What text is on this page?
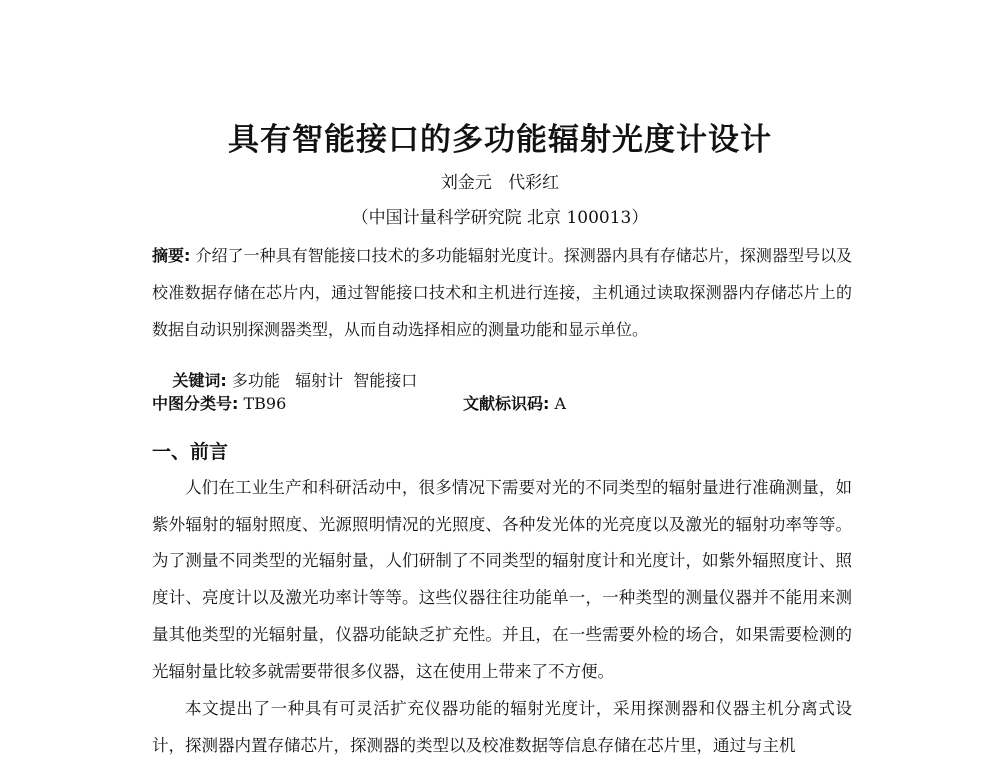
具有智能接口的多功能辐射光度计设计
刘金元   代彩红
（中国计量科学研究院 北京 100013）
摘要: 介绍了一种具有智能接口技术的多功能辐射光度计。探测器内具有存储芯片，探测器型号以及校准数据存储在芯片内，通过智能接口技术和主机进行连接，主机通过读取探测器内存储芯片上的数据自动识别探测器类型，从而自动选择相应的测量功能和显示单位。

关键词: 多功能   辐射计  智能接口

中图分类号: TB96	文献标识码: A
一、前言
人们在工业生产和科研活动中，很多情况下需要对光的不同类型的辐射量进行准确测量，如紫外辐射的辐射照度、光源照明情况的光照度、各种发光体的光亮度以及激光的辐射功率等等。为了测量不同类型的光辐射量，人们研制了不同类型的辐射度计和光度计，如紫外辐照度计、照度计、亮度计以及激光功率计等等。这些仪器往往功能单一，一种类型的测量仪器并不能用来测量其他类型的光辐射量，仪器功能缺乏扩充性。并且，在一些需要外检的场合，如果需要检测的光辐射量比较多就需要带很多仪器，这在使用上带来了不方便。
本文提出了一种具有可灵活扩充仪器功能的辐射光度计，采用探测器和仪器主机分离式设计，探测器内置存储芯片，探测器的类型以及校准数据等信息存储在芯片里，通过与主机
